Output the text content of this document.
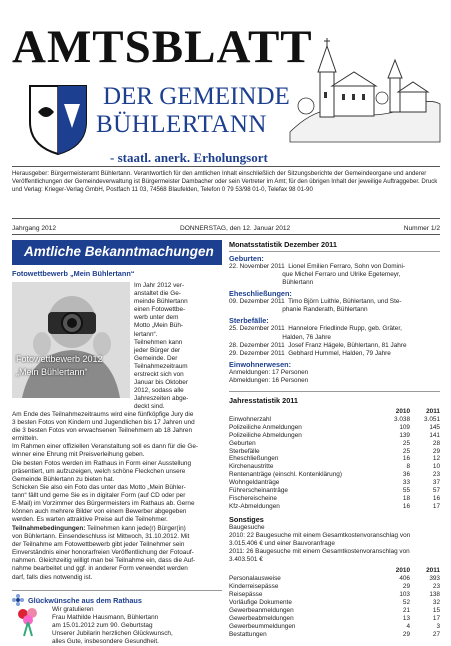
AMTSBLATT
DER GEMEINDE
BÜHLERTANN
- staatl. anerk. Erholungsort
Herausgeber: Bürgermeisteramt Bühlertann. Verantwortlich für den amtlichen Inhalt einschließlich der Sitzungsberichte der Gemeindeorgane und anderer Veröffentlichungen der Gemeindeverwaltung ist Bürgermeister Dambacher oder sein Vertreter im Amt; für den übrigen Inhalt der jeweilige Auftraggeber. Druck und Verlag: Krieger-Verlag GmbH, Postfach 11 03, 74568 Blaufelden, Telefon 0 79 53/98 01-0, Telefax 98 01-90
Jahrgang 2012	DONNERSTAG, den 12. Januar 2012	Nummer 1/2
Amtliche Bekanntmachungen
Fotowettbewerb „Mein Bühlertann“
Fotowettbewerb 2012
„Mein Bühlertann“
Im Jahr 2012 ver-
anstaltet die Ge-
meinde Bühlertann
einen Fotowettbe-
werb unter dem
Motto „Mein Büh-
lertann“.
Teilnehmen kann
jeder Bürger der
Gemeinde. Der
Teilnahmezeitraum
erstreckt sich von
Januar bis Oktober
2012, sodass alle
Jahreszeiten abge-
deckt sind.
Am Ende des Teilnahmezeitraums wird eine fünfköpfige Jury die
3 besten Fotos von Kindern und Jugendlichen bis 17 Jahren und
die 3 besten Fotos von erwachsenen Teilnehmern ab 18 Jahren
ermitteln.
Im Rahmen einer offiziellen Veranstaltung soll es dann für die Ge-
winner eine Ehrung mit Preisverleihung geben.
Die besten Fotos werden im Rathaus in Form einer Ausstellung
präsentiert, um aufzuzeigen, welch schöne Fleckchen unsere
Gemeinde Bühlertann zu bieten hat.
Schicken Sie also ein Foto das unter das Motto „Mein Bühler-
tann“ fällt und gerne Sie es in digitaler Form (auf CD oder per
E-Mail) im Vorzimmer des Bürgermeisters im Rathaus ab. Gerne
können auch mehrere Bilder von einem Bewerber abgegeben
werden. Es warten attraktive Preise auf die Teilnehmer.
Teilnahmebedingungen: Teilnehmen kann jede(r) Bürger(in)
von Bühlertann. Einsendeschluss ist Mittwoch, 31.10.2012. Mit
der Teilnahme am Fotowettbewerb gibt jeder Teilnehmer sein
Einverständnis einer honorarfreien Veröffentlichung der Fotoauf-
nahmen. Gleichzeitig willigt man bei Teilnahme ein, dass die Auf-
nahme bearbeitet und ggf. in anderer Form verwendet werden
darf, falls dies notwendig ist.
Glückwünsche aus dem Rathaus
Wir gratulieren
Frau Mathilde Hausmann, Bühlertann
am 15.01.2012 zum 90. Geburtstag
Unserer Jubilarin herzlichen Glückwunsch,
alles Gute, insbesondere Gesundheit.
Monatsstatistik Dezember 2011
Geburten:
22. November 2011  Lionel Emilien Ferraro, Sohn von Domini-
que Michel Ferraro und Ulrike Egetemeyr,
Bühlertann
Eheschließungen:
09. Dezember 2011  Timo Björn Luithle, Bühlertann, und Ste-
phanie Randerath, Bühlertann
Sterbefälle:
25. Dezember 2011  Hannelore Friedlinde Rupp, geb. Gräter,
Halden, 76 Jahre
28. Dezember 2011  Josef Franz Hägele, Bühlertann, 81 Jahre
29. Dezember 2011  Gebhard Hummel, Halden, 79 Jahre
Einwohnerwesen:
Anmeldungen: 17 Personen
Abmeldungen: 16 Personen
Jahresstatistik 2011
2010	2011
Einwohnerzahl	3.038	3.051
Polizeiliche Anmeldungen	109	145
Polizeiliche Abmeldungen	139	141
Geburten	25	28
Sterbefälle	25	29
Eheschließungen	16	12
Kirchenaustritte	8	10
Rentenanträge (einschl. Kontenklärung)	36	23
Wohngeldanträge	33	37
Führerscheinanträge	55	57
Fischereischeine	18	16
Kfz-Abmeldungen	16	17
Sonstiges
Baugesuche
2010: 22 Baugesuche mit einem Gesamtkostenvoranschlag von
3.015.406 € und einer Bauvoranfrage
2011: 26 Baugesuche mit einem Gesamtkostenvoranschlag von
3.403.501 €
2010	2011
Personalausweise	406	393
Kinderreisepässe	29	23
Reisepässe	103	138
Vorläufige Dokumente	52	32
Gewerbeanmeldungen	21	15
Gewerbeabmeldungen	13	17
Gewerbeummeldungen	4	3
Bestattungen	29	27
